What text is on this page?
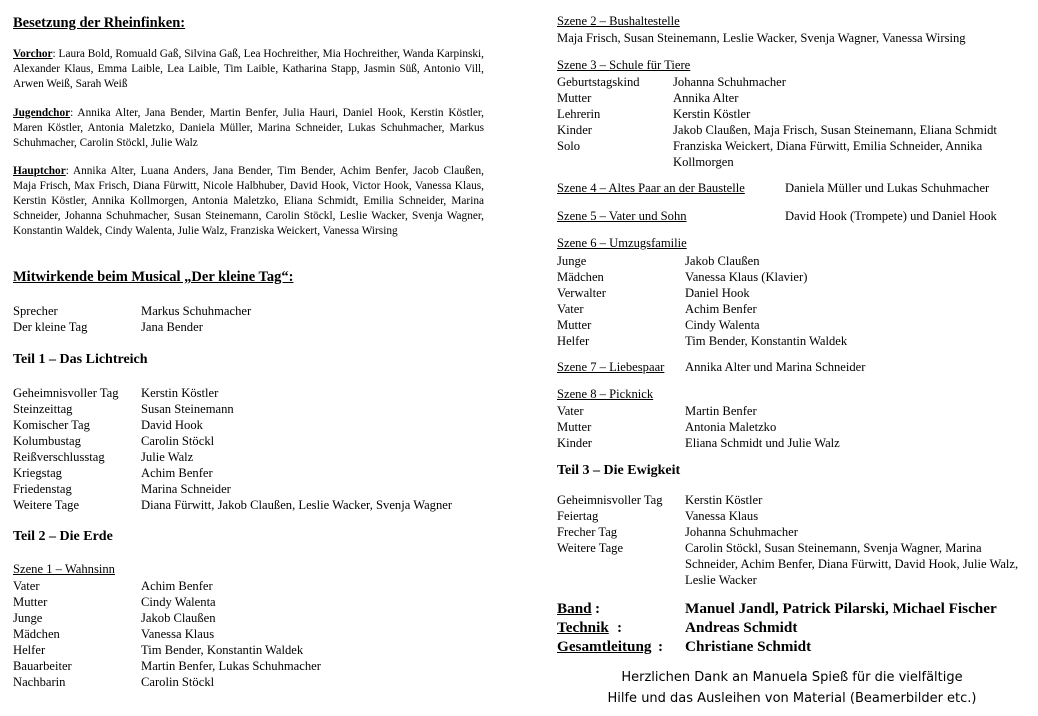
Besetzung der Rheinfinken:

Vorchor: Laura Bold, Romuald Gaß, Silvina Gaß, Lea Hochreither, Mia Hochreither, Wanda Karpinski, Alexander Klaus, Emma Laible, Lea Laible, Tim Laible, Katharina Stapp, Jasmin Süß, Antonio Vill, Arwen Weiß, Sarah Weiß

Jugendchor: Annika Alter, Jana Bender, Martin Benfer, Julia Hauri, Daniel Hook, Kerstin Köstler, Maren Köstler, Antonia Maletzko, Daniela Müller, Marina Schneider, Lukas Schuhmacher, Markus Schuhmacher, Carolin Stöckl, Julie Walz

Hauptchor: Annika Alter, Luana Anders, Jana Bender, Tim Bender, Achim Benfer, Jacob Claußen, Maja Frisch, Max Frisch, Diana Fürwitt, Nicole Halbhuber, David Hook, Victor Hook, Vanessa Klaus, Kerstin Köstler, Annika Kollmorgen, Antonia Maletzko, Eliana Schmidt, Emilia Schneider, Marina Schneider, Johanna Schuhmacher, Susan Steinemann, Carolin Stöckl, Leslie Wacker, Svenja Wagner, Konstantin Waldek, Cindy Walenta, Julie Walz, Franziska Weickert, Vanessa Wirsing

Mitwirkende beim Musical „Der kleine Tag“:
Sprecher	Markus Schuhmacher
Der kleine Tag	Jana Bender
Teil 1 – Das Lichtreich
Geheimnisvoller Tag	Kerstin Köstler
Steinzeittag	Susan Steinemann
Komischer Tag	David Hook
Kolumbustag	Carolin Stöckl
Reißverschlusstag	Julie Walz
Kriegstag	Achim Benfer
Friedenstag	Marina Schneider
Weitere Tage	Diana Fürwitt, Jakob Claußen, Leslie Wacker, Svenja Wagner
Teil 2 – Die Erde
Szene 1 – Wahnsinn
Vater	Achim Benfer
Mutter	Cindy Walenta
Junge	Jakob Claußen
Mädchen	Vanessa Klaus
Helfer	Tim Bender, Konstantin Waldek
Bauarbeiter	Martin Benfer, Lukas Schuhmacher
Nachbarin	Carolin Stöckl
Szene 2 – Bushaltestelle
Maja Frisch, Susan Steinemann, Leslie Wacker, Svenja Wagner, Vanessa Wirsing
Szene 3 – Schule für Tiere
Geburtstagskind	Johanna Schuhmacher
Mutter	Annika Alter
Lehrerin	Kerstin Köstler
Kinder	Jakob Claußen, Maja Frisch, Susan Steinemann, Eliana Schmidt
Solo	Franziska Weickert, Diana Fürwitt, Emilia Schneider, Annika Kollmorgen
Szene 4 – Altes Paar an der Baustelle	Daniela Müller und Lukas Schuhmacher
Szene 5 – Vater und Sohn	David Hook (Trompete) und Daniel Hook
Szene 6 – Umzugsfamilie
Junge	Jakob Claußen
Mädchen	Vanessa Klaus (Klavier)
Verwalter	Daniel Hook
Vater	Achim Benfer
Mutter	Cindy Walenta
Helfer	Tim Bender, Konstantin Waldek
Szene 7 – Liebespaar	Annika Alter und Marina Schneider
Szene 8 – Picknick
Vater	Martin Benfer
Mutter	Antonia Maletzko
Kinder	Eliana Schmidt und Julie Walz
Teil 3 – Die Ewigkeit
Geheimnisvoller Tag	Kerstin Köstler
Feiertag	Vanessa Klaus
Frecher Tag	Johanna Schuhmacher
Weitere Tage	Carolin Stöckl, Susan Steinemann, Svenja Wagner, Marina Schneider, Achim Benfer, Diana Fürwitt, David Hook, Julie Walz, Leslie Wacker
Band :	Manuel Jandl, Patrick Pilarski, Michael Fischer
Technik :	Andreas Schmidt
Gesamtleitung : Christiane Schmidt
Herzlichen Dank an Manuela Spieß für die vielfältige
Hilfe und das Ausleihen von Material (Beamerbilder etc.)
